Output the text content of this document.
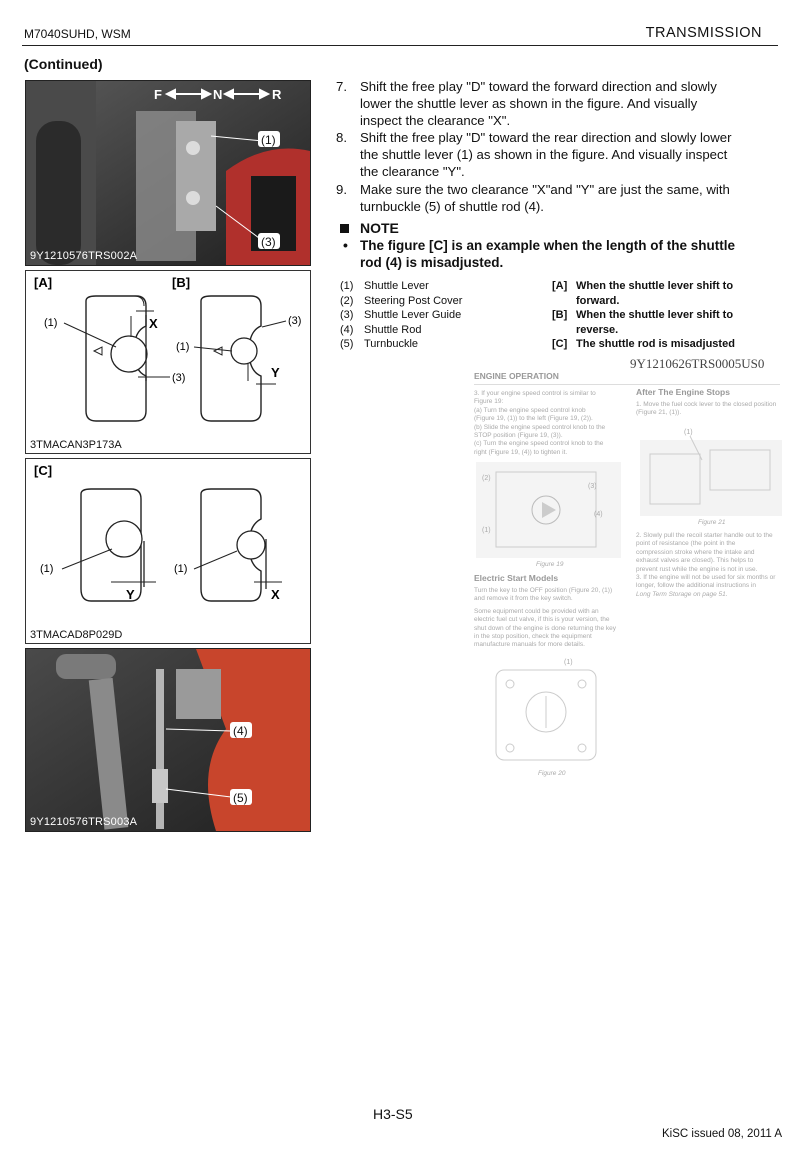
M7040SUHD, WSM	TRANSMISSION
(Continued)
F	N	R
(1)
(3)
9Y1210576TRS002A
[A]	[B]
X
(1)
(3)
(1)
(3)
Y
3TMACAN3P173A
[C]
(1)
Y
(1)
X
3TMACAD8P029D
(4)
(5)
9Y1210576TRS003A
7. Shift the free play "D" toward the forward direction and slowly
lower the shuttle lever as shown in the figure. And visually
inspect the clearance "X".
8. Shift the free play "D" toward the rear direction and slowly lower
the shuttle lever (1) as shown in the figure. And visually inspect
the clearance "Y".
9. Make sure the two clearance "X"and "Y" are just the same, with
turnbuckle (5) of shuttle rod (4).
NOTE
• The figure [C] is an example when the length of the shuttle
rod (4) is misadjusted.
(1) Shuttle Lever
(2) Steering Post Cover
(3) Shuttle Lever Guide
(4) Shuttle Rod
(5) Turnbuckle
[A] When the shuttle lever shift to
forward.
[B] When the shuttle lever shift to
reverse.
[C] The shuttle rod is misadjusted
9Y1210626TRS0005US0
ENGINE OPERATION
3. If your engine speed control is similar to
Figure 19:
(a) Turn the engine speed control knob
(Figure 19, (1)) to the left (Figure 19, (2)).
(b) Slide the engine speed control knob to the
STOP position (Figure 19, (3)).
(c) Turn the engine speed control knob to the
right (Figure 19, (4)) to tighten it.
(2)
(3)
(4)
(1)
Figure 19
Electric Start Models
Turn the key to the OFF position (Figure 20, (1))
and remove it from the key switch.
Some equipment could be provided with an
electric fuel cut valve, if this is your version, the
shut down of the engine is done returning the key
in the stop position, check the equipment
manufacture manuals for more details.
(1)
Figure 20
After The Engine Stops
1. Move the fuel cock lever to the closed position
(Figure 21, (1)).
(1)
Figure 21
2. Slowly pull the recoil starter handle out to the
point of resistance (the point in the
compression stroke where the intake and
exhaust valves are closed). This helps to
prevent rust while the engine is not in use.
3. If the engine will not be used for six months or
longer, follow the additional instructions in
Long Term Storage on page 51.
H3-S5
KiSC issued 08, 2011 A
